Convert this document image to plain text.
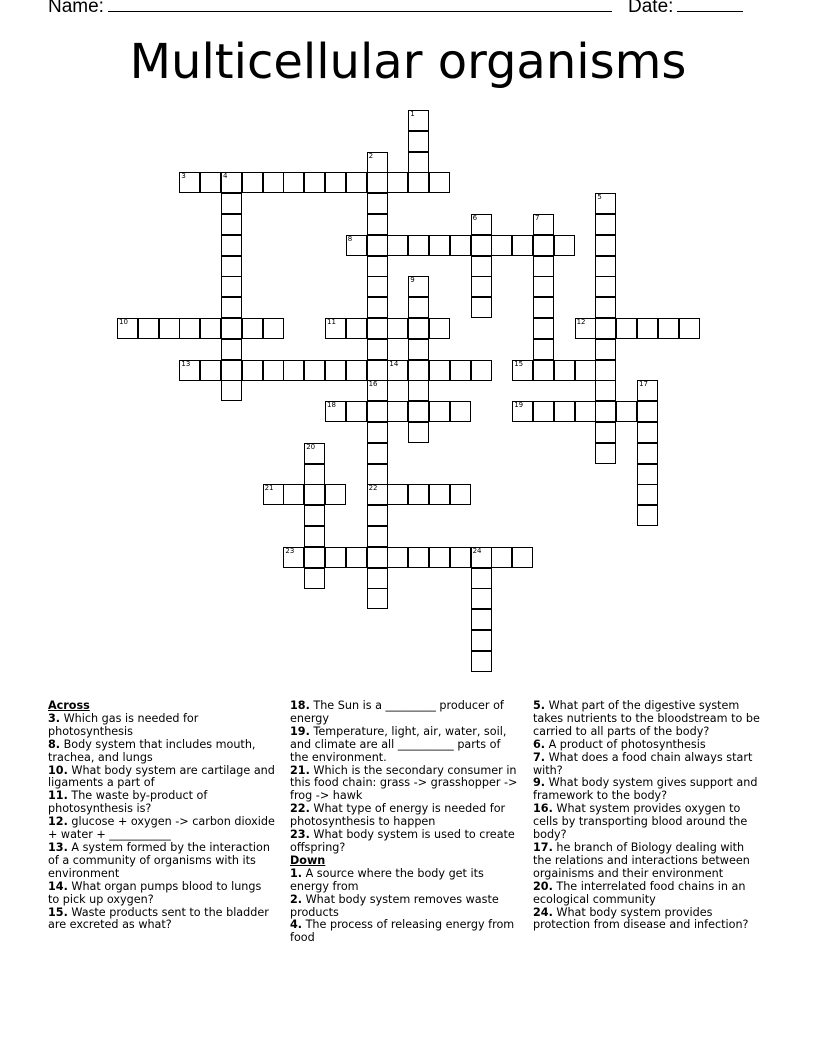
Name:	Date:
Multicellular organisms
3	4
8
10	11	12
13	14	15
18	19
21	22
23	24
1
2
16
5
6	7
9
17
20
Across

3. Which gas is needed for photosynthesis

8. Body system that includes mouth, trachea, and lungs

10. What body system are cartilage and ligaments a part of

11. The waste by-product of photosynthesis is?

12. glucose + oxygen -> carbon dioxide + water + ___________

13. A system formed by the interaction of a community of organisms with its environment

14. What organ pumps blood to lungs to pick up oxygen?

15. Waste products sent to the bladder are excreted as what?

18. The Sun is a _________ producer of energy

19. Temperature, light, air, water, soil, and climate are all __________ parts of the environment.

21. Which is the secondary consumer in this food chain: grass -> grasshopper -> frog -> hawk

22. What type of energy is needed for photosynthesis to happen

23. What body system is used to create offspring?

Down

1. A source where the body get its energy from

2. What body system removes waste products

4. The process of releasing energy from food

5. What part of the digestive system takes nutrients to the bloodstream to be carried to all parts of the body?

6. A product of photosynthesis

7. What does a food chain always start with?

9. What body system gives support and framework to the body?

16. What system provides oxygen to cells by transporting blood around the body?

17. he branch of Biology dealing with the relations and interactions between orgainisms and their environment

20. The interrelated food chains in an ecological community

24. What body system provides protection from disease and infection?
